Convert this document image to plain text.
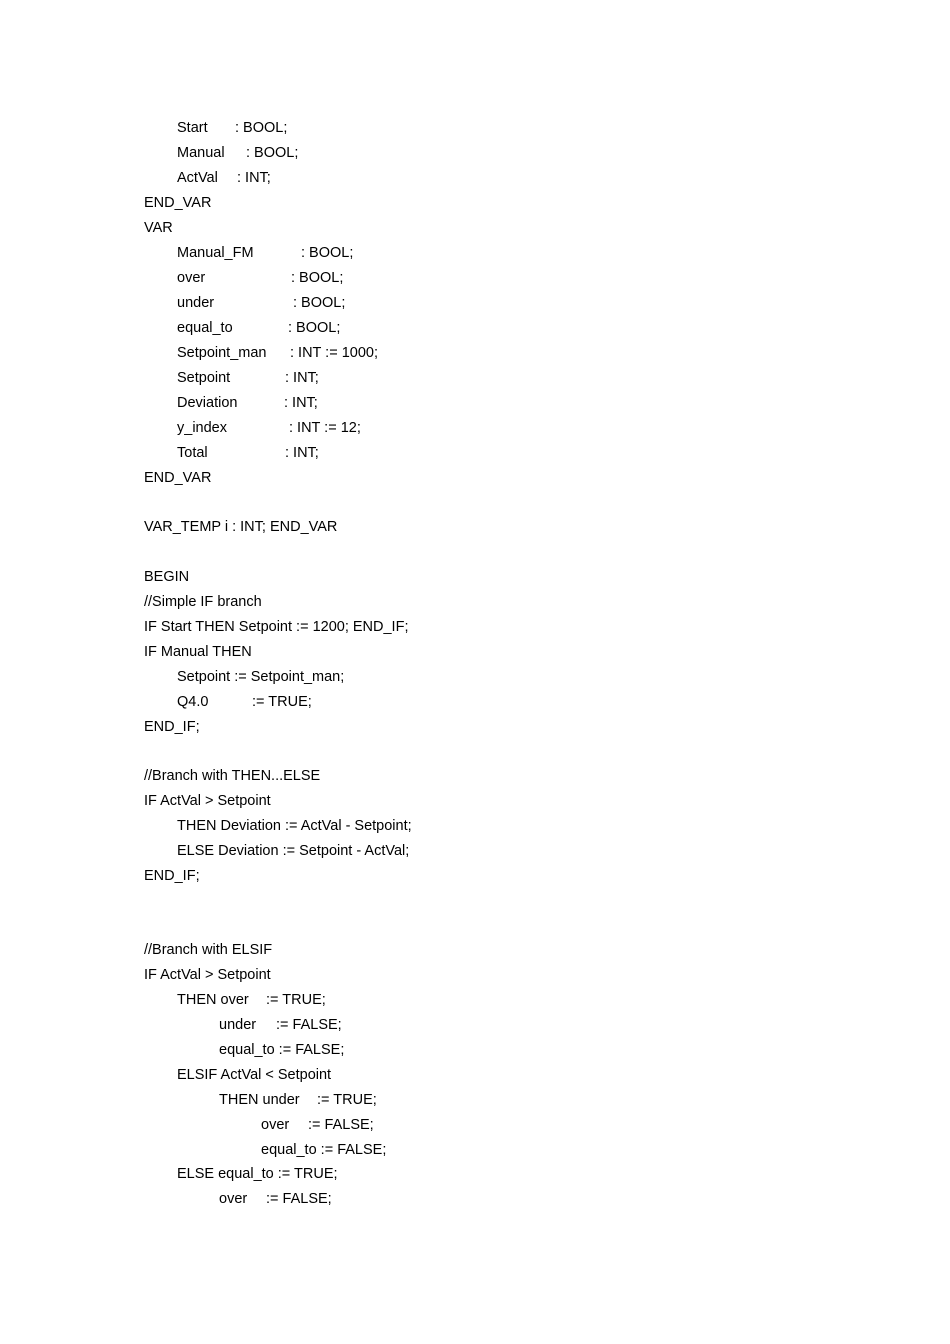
Start : BOOL;
Manual : BOOL;
ActVal : INT;
END_VAR
VAR
Manual_FM	: BOOL;
over	: BOOL;
under	: BOOL;
equal_to	: BOOL;
Setpoint_man : INT := 1000;
Setpoint	: INT;
Deviation	: INT;
y_index	: INT := 12;
Total	: INT;
END_VAR
VAR_TEMP i : INT; END_VAR
BEGIN
//Simple IF branch
IF Start THEN Setpoint := 1200; END_IF;
IF Manual THEN
Setpoint := Setpoint_man;
Q4.0	:= TRUE;
END_IF;
//Branch with THEN...ELSE
IF ActVal > Setpoint
THEN Deviation := ActVal - Setpoint;
ELSE Deviation := Setpoint - ActVal;
END_IF;
//Branch with ELSIF
IF ActVal > Setpoint
THEN over := TRUE;
under := FALSE;
equal_to := FALSE;
ELSIF ActVal < Setpoint
THEN under := TRUE;
over := FALSE;
equal_to := FALSE;
ELSE equal_to := TRUE;
over := FALSE;
